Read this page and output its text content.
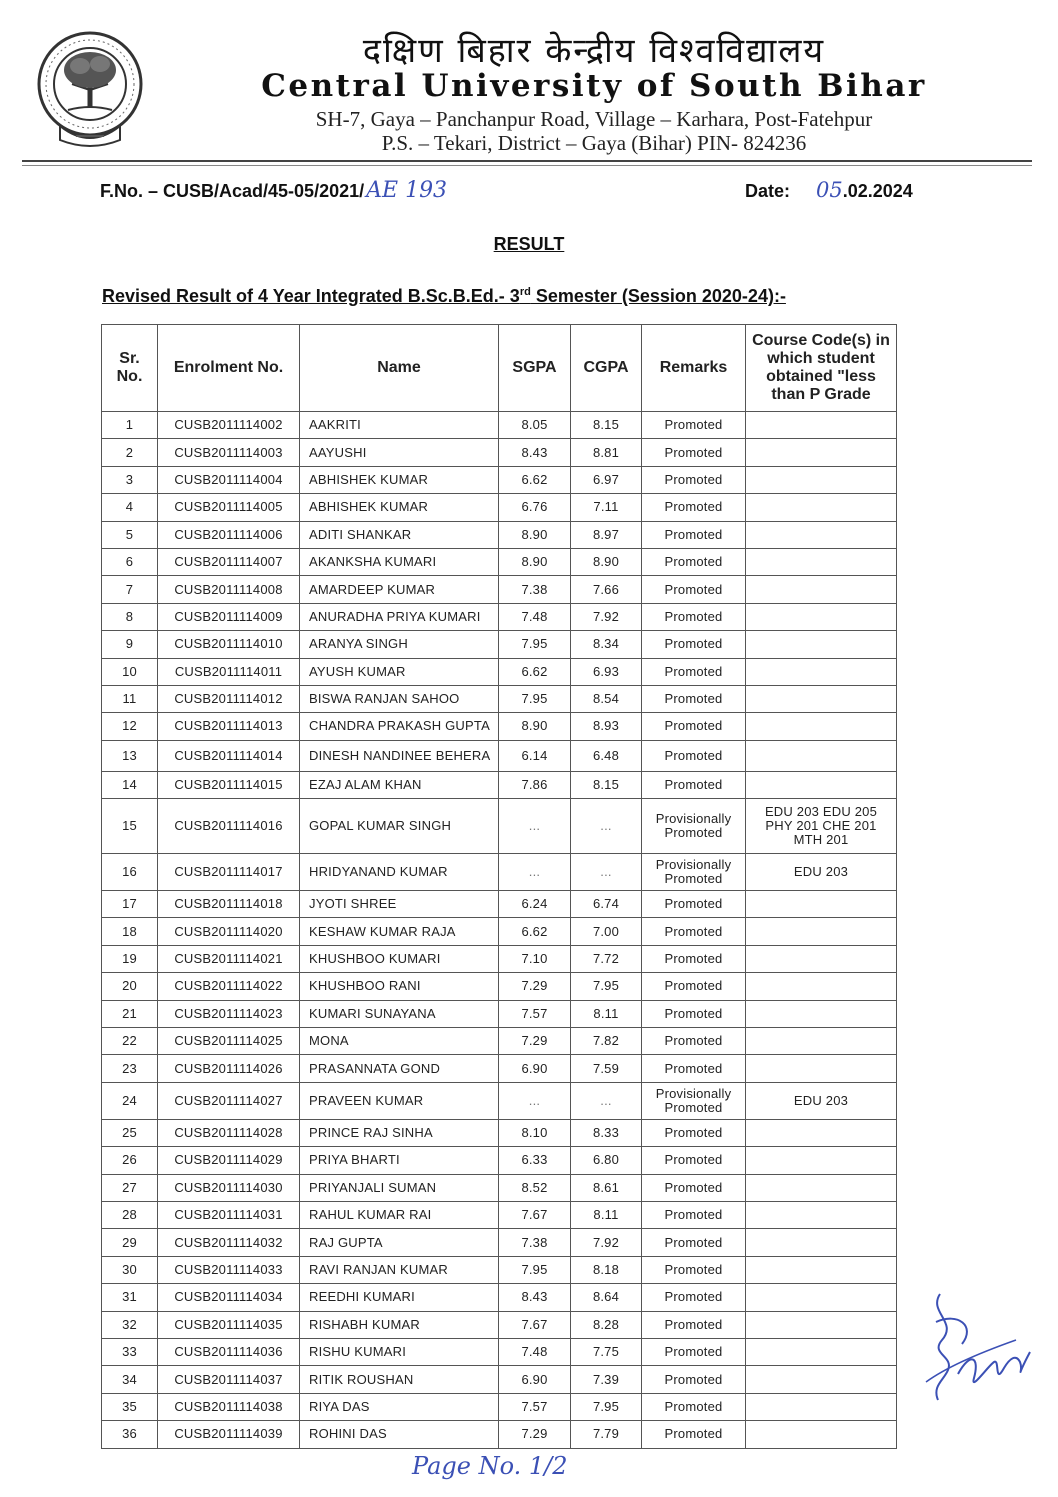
दक्षिण बिहार केन्द्रीय विश्वविद्यालय
Central University of South Bihar
SH-7, Gaya – Panchanpur Road, Village – Karhara, Post-Fatehpur
P.S. – Tekari, District – Gaya (Bihar) PIN- 824236
F.No. – CUSB/Acad/45-05/2021/AE 193	Date: 05.02.2024
RESULT
Revised Result of 4 Year Integrated B.Sc.B.Ed.- 3rd Semester (Session 2020-24):-
Sr. No.	Enrolment No.	Name	SGPA	CGPA	Remarks	Course Code(s) in which student obtained "less than P Grade
1	CUSB2011114002	AAKRITI	8.05	8.15	Promoted	
2	CUSB2011114003	AAYUSHI	8.43	8.81	Promoted	
3	CUSB2011114004	ABHISHEK KUMAR	6.62	6.97	Promoted	
4	CUSB2011114005	ABHISHEK KUMAR	6.76	7.11	Promoted	
5	CUSB2011114006	ADITI SHANKAR	8.90	8.97	Promoted	
6	CUSB2011114007	AKANKSHA KUMARI	8.90	8.90	Promoted	
7	CUSB2011114008	AMARDEEP KUMAR	7.38	7.66	Promoted	
8	CUSB2011114009	ANURADHA PRIYA KUMARI	7.48	7.92	Promoted	
9	CUSB2011114010	ARANYA SINGH	7.95	8.34	Promoted	
10	CUSB2011114011	AYUSH KUMAR	6.62	6.93	Promoted	
11	CUSB2011114012	BISWA RANJAN SAHOO	7.95	8.54	Promoted	
12	CUSB2011114013	CHANDRA PRAKASH GUPTA	8.90	8.93	Promoted	
13	CUSB2011114014	DINESH NANDINEE BEHERA	6.14	6.48	Promoted	
14	CUSB2011114015	EZAJ ALAM KHAN	7.86	8.15	Promoted	
15	CUSB2011114016	GOPAL KUMAR SINGH	...	...	Provisionally Promoted	EDU 203 EDU 205 PHY 201 CHE 201 MTH 201
16	CUSB2011114017	HRIDYANAND KUMAR	...	...	Provisionally Promoted	EDU 203
17	CUSB2011114018	JYOTI SHREE	6.24	6.74	Promoted	
18	CUSB2011114020	KESHAW KUMAR RAJA	6.62	7.00	Promoted	
19	CUSB2011114021	KHUSHBOO KUMARI	7.10	7.72	Promoted	
20	CUSB2011114022	KHUSHBOO RANI	7.29	7.95	Promoted	
21	CUSB2011114023	KUMARI SUNAYANA	7.57	8.11	Promoted	
22	CUSB2011114025	MONA	7.29	7.82	Promoted	
23	CUSB2011114026	PRASANNATA GOND	6.90	7.59	Promoted	
24	CUSB2011114027	PRAVEEN KUMAR	...	...	Provisionally Promoted	EDU 203
25	CUSB2011114028	PRINCE RAJ SINHA	8.10	8.33	Promoted	
26	CUSB2011114029	PRIYA BHARTI	6.33	6.80	Promoted	
27	CUSB2011114030	PRIYANJALI SUMAN	8.52	8.61	Promoted	
28	CUSB2011114031	RAHUL KUMAR RAI	7.67	8.11	Promoted	
29	CUSB2011114032	RAJ GUPTA	7.38	7.92	Promoted	
30	CUSB2011114033	RAVI RANJAN KUMAR	7.95	8.18	Promoted	
31	CUSB2011114034	REEDHI KUMARI	8.43	8.64	Promoted	
32	CUSB2011114035	RISHABH KUMAR	7.67	8.28	Promoted	
33	CUSB2011114036	RISHU KUMARI	7.48	7.75	Promoted	
34	CUSB2011114037	RITIK ROUSHAN	6.90	7.39	Promoted	
35	CUSB2011114038	RIYA DAS	7.57	7.95	Promoted	
36	CUSB2011114039	ROHINI DAS	7.29	7.79	Promoted	
Page No. 1/2
